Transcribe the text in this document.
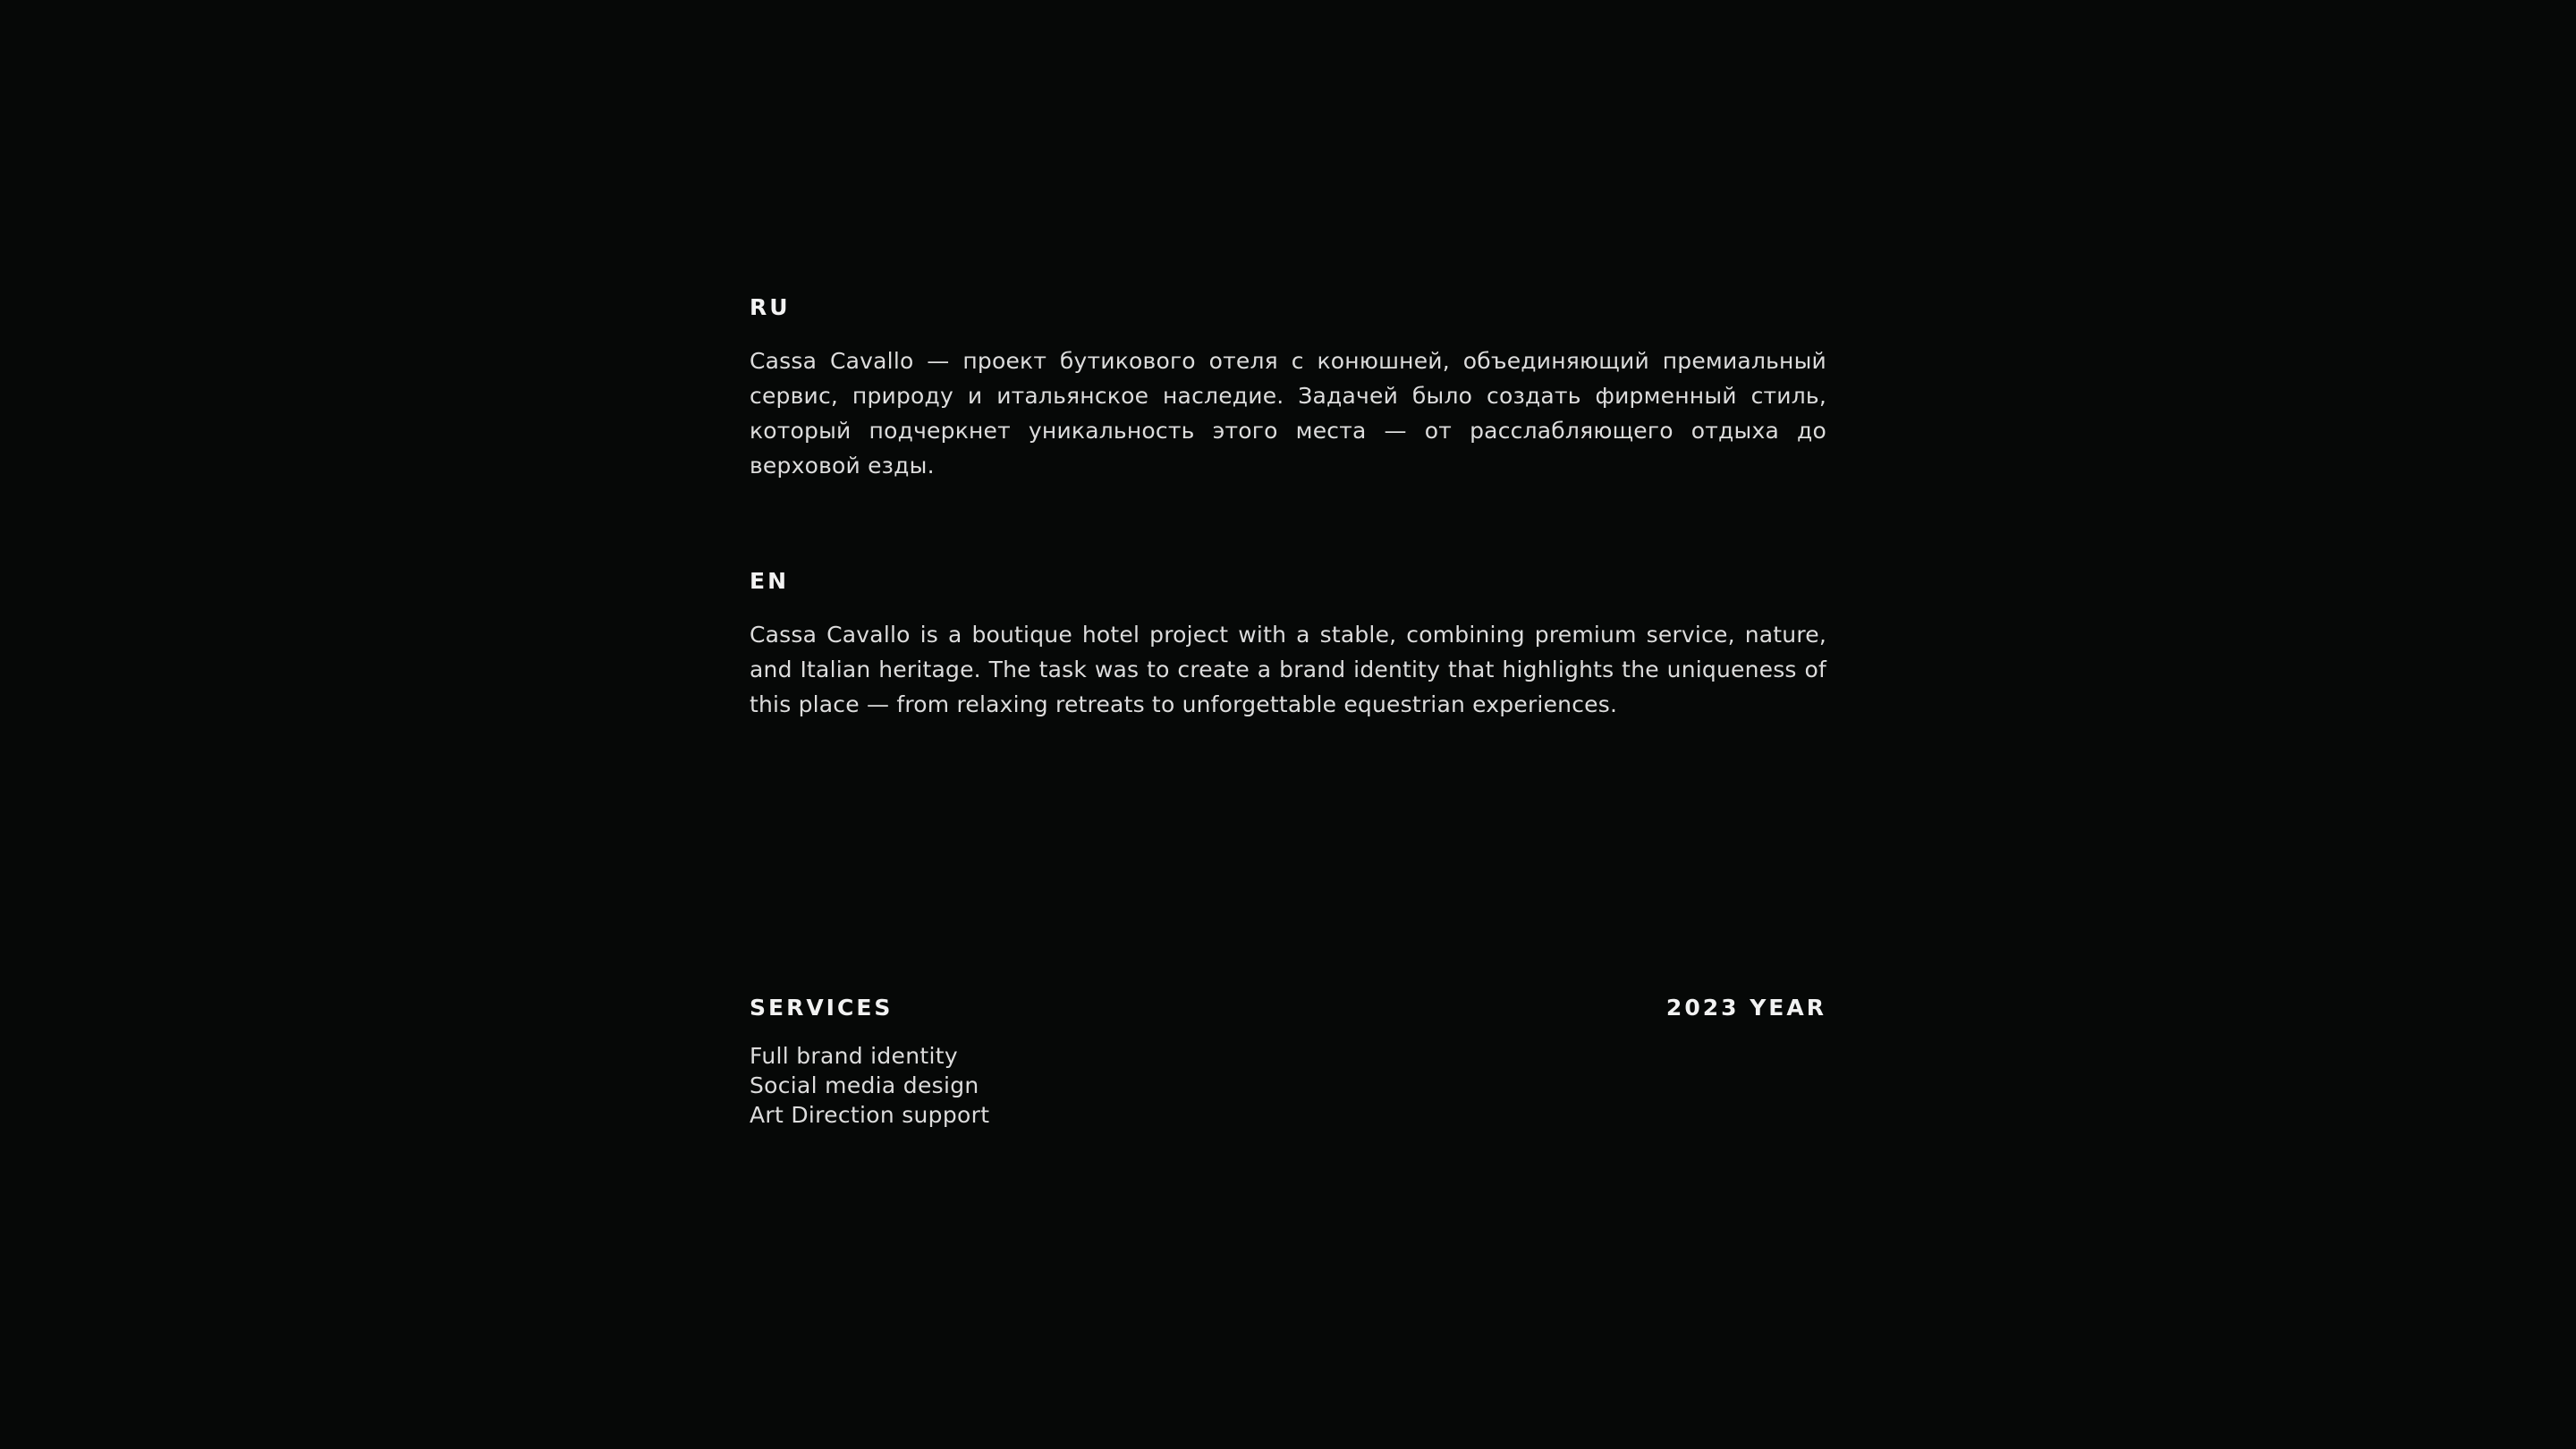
RU
Cassa Cavallo — проект бутикового отеля с конюшней, объединяющий премиальный сервис, природу и итальянское наследие. Задачей было создать фирменный стиль, который подчеркнет уникальность этого места — от расслабляющего отдыха до верховой езды.
EN
Cassa Cavallo is a boutique hotel project with a stable, combining premium service, nature, and Italian heritage. The task was to create a brand identity that highlights the uniqueness of this place — from relaxing retreats to unforgettable equestrian experiences.
SERVICES	2023 YEAR
Full brand identity
Social media design
Art Direction support
